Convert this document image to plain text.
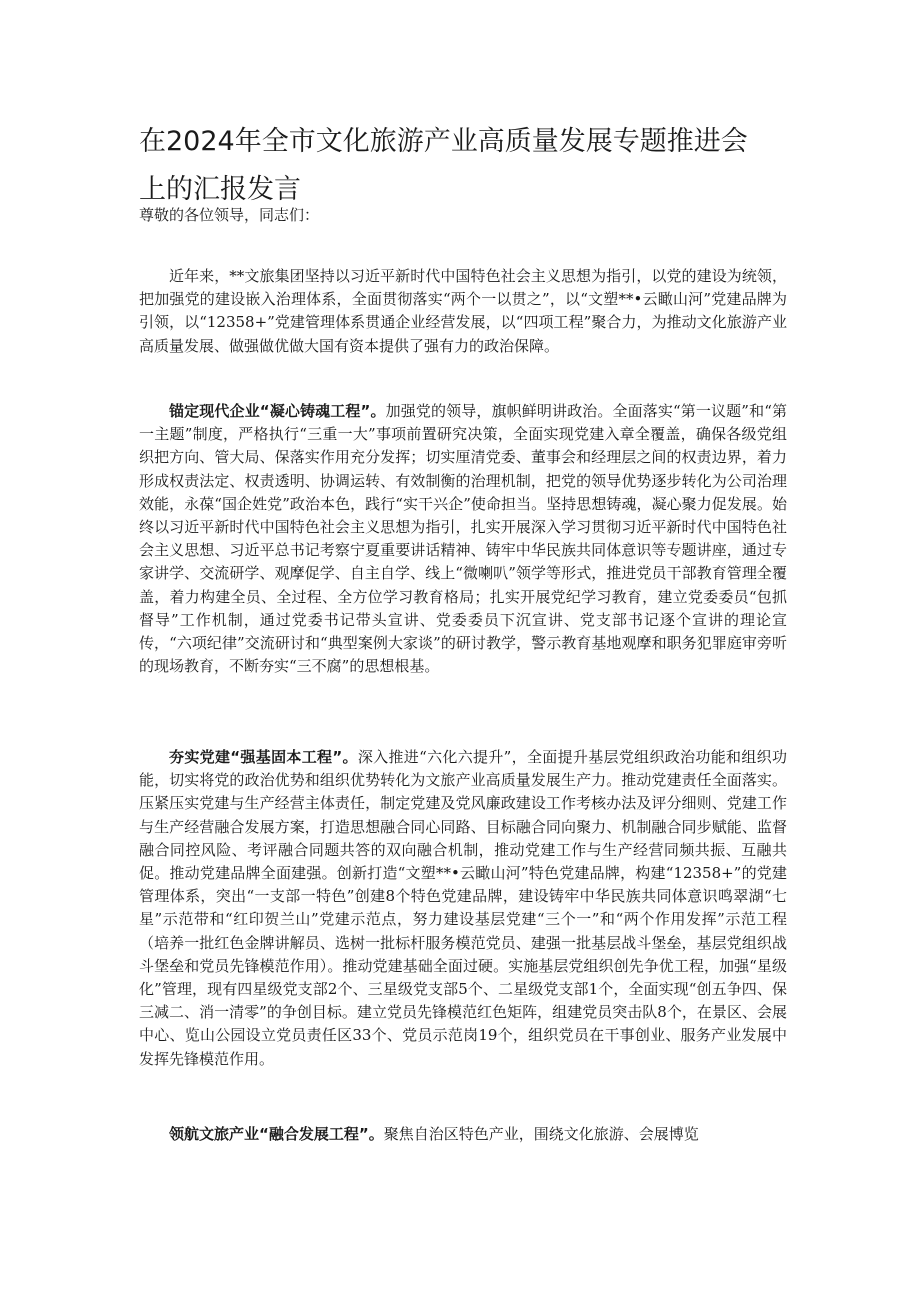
在2024年全市文化旅游产业高质量发展专题推进会
上的汇报发言

尊敬的各位领导，同志们：

近年来，**文旅集团坚持以习近平新时代中国特色社会主义思想为指引，以党的建设为统领，把加强党的建设嵌入治理体系，全面贯彻落实“两个一以贯之”，以“文塑**•云瞰山河”党建品牌为引领，以“12358+”党建管理体系贯通企业经营发展，以“四项工程”聚合力，为推动文化旅游产业高质量发展、做强做优做大国有资本提供了强有力的政治保障。

锚定现代企业“凝心铸魂工程”。加强党的领导，旗帜鲜明讲政治。全面落实“第一议题”和“第一主题”制度，严格执行“三重一大”事项前置研究决策，全面实现党建入章全覆盖，确保各级党组织把方向、管大局、保落实作用充分发挥；切实厘清党委、董事会和经理层之间的权责边界，着力形成权责法定、权责透明、协调运转、有效制衡的治理机制，把党的领导优势逐步转化为公司治理效能，永葆“国企姓党”政治本色，践行“实干兴企”使命担当。坚持思想铸魂，凝心聚力促发展。始终以习近平新时代中国特色社会主义思想为指引，扎实开展深入学习贯彻习近平新时代中国特色社会主义思想、习近平总书记考察宁夏重要讲话精神、铸牢中华民族共同体意识等专题讲座，通过专家讲学、交流研学、观摩促学、自主自学、线上“微喇叭”领学等形式，推进党员干部教育管理全覆盖，着力构建全员、全过程、全方位学习教育格局；扎实开展党纪学习教育，建立党委委员“包抓督导”工作机制，通过党委书记带头宣讲、党委委员下沉宣讲、党支部书记逐个宣讲的理论宣传，“六项纪律”交流研讨和“典型案例大家谈”的研讨教学，警示教育基地观摩和职务犯罪庭审旁听的现场教育，不断夯实“三不腐”的思想根基。

夯实党建“强基固本工程”。深入推进“六化六提升”，全面提升基层党组织政治功能和组织功能，切实将党的政治优势和组织优势转化为文旅产业高质量发展生产力。推动党建责任全面落实。压紧压实党建与生产经营主体责任，制定党建及党风廉政建设工作考核办法及评分细则、党建工作与生产经营融合发展方案，打造思想融合同心同路、目标融合同向聚力、机制融合同步赋能、监督融合同控风险、考评融合同题共答的双向融合机制，推动党建工作与生产经营同频共振、互融共促。推动党建品牌全面建强。创新打造“文塑**•云瞰山河”特色党建品牌，构建“12358+”的党建管理体系，突出“一支部一特色”创建8个特色党建品牌，建设铸牢中华民族共同体意识鸣翠湖“七星”示范带和“红印贺兰山”党建示范点，努力建设基层党建“三个一”和“两个作用发挥”示范工程（培养一批红色金牌讲解员、选树一批标杆服务模范党员、建强一批基层战斗堡垒，基层党组织战斗堡垒和党员先锋模范作用）。推动党建基础全面过硬。实施基层党组织创先争优工程，加强“星级化”管理，现有四星级党支部2个、三星级党支部5个、二星级党支部1个，全面实现“创五争四、保三减二、消一清零”的争创目标。建立党员先锋模范红色矩阵，组建党员突击队8个，在景区、会展中心、览山公园设立党员责任区33个、党员示范岗19个，组织党员在干事创业、服务产业发展中发挥先锋模范作用。

领航文旅产业“融合发展工程”。聚焦自治区特色产业，围绕文化旅游、会展博览
